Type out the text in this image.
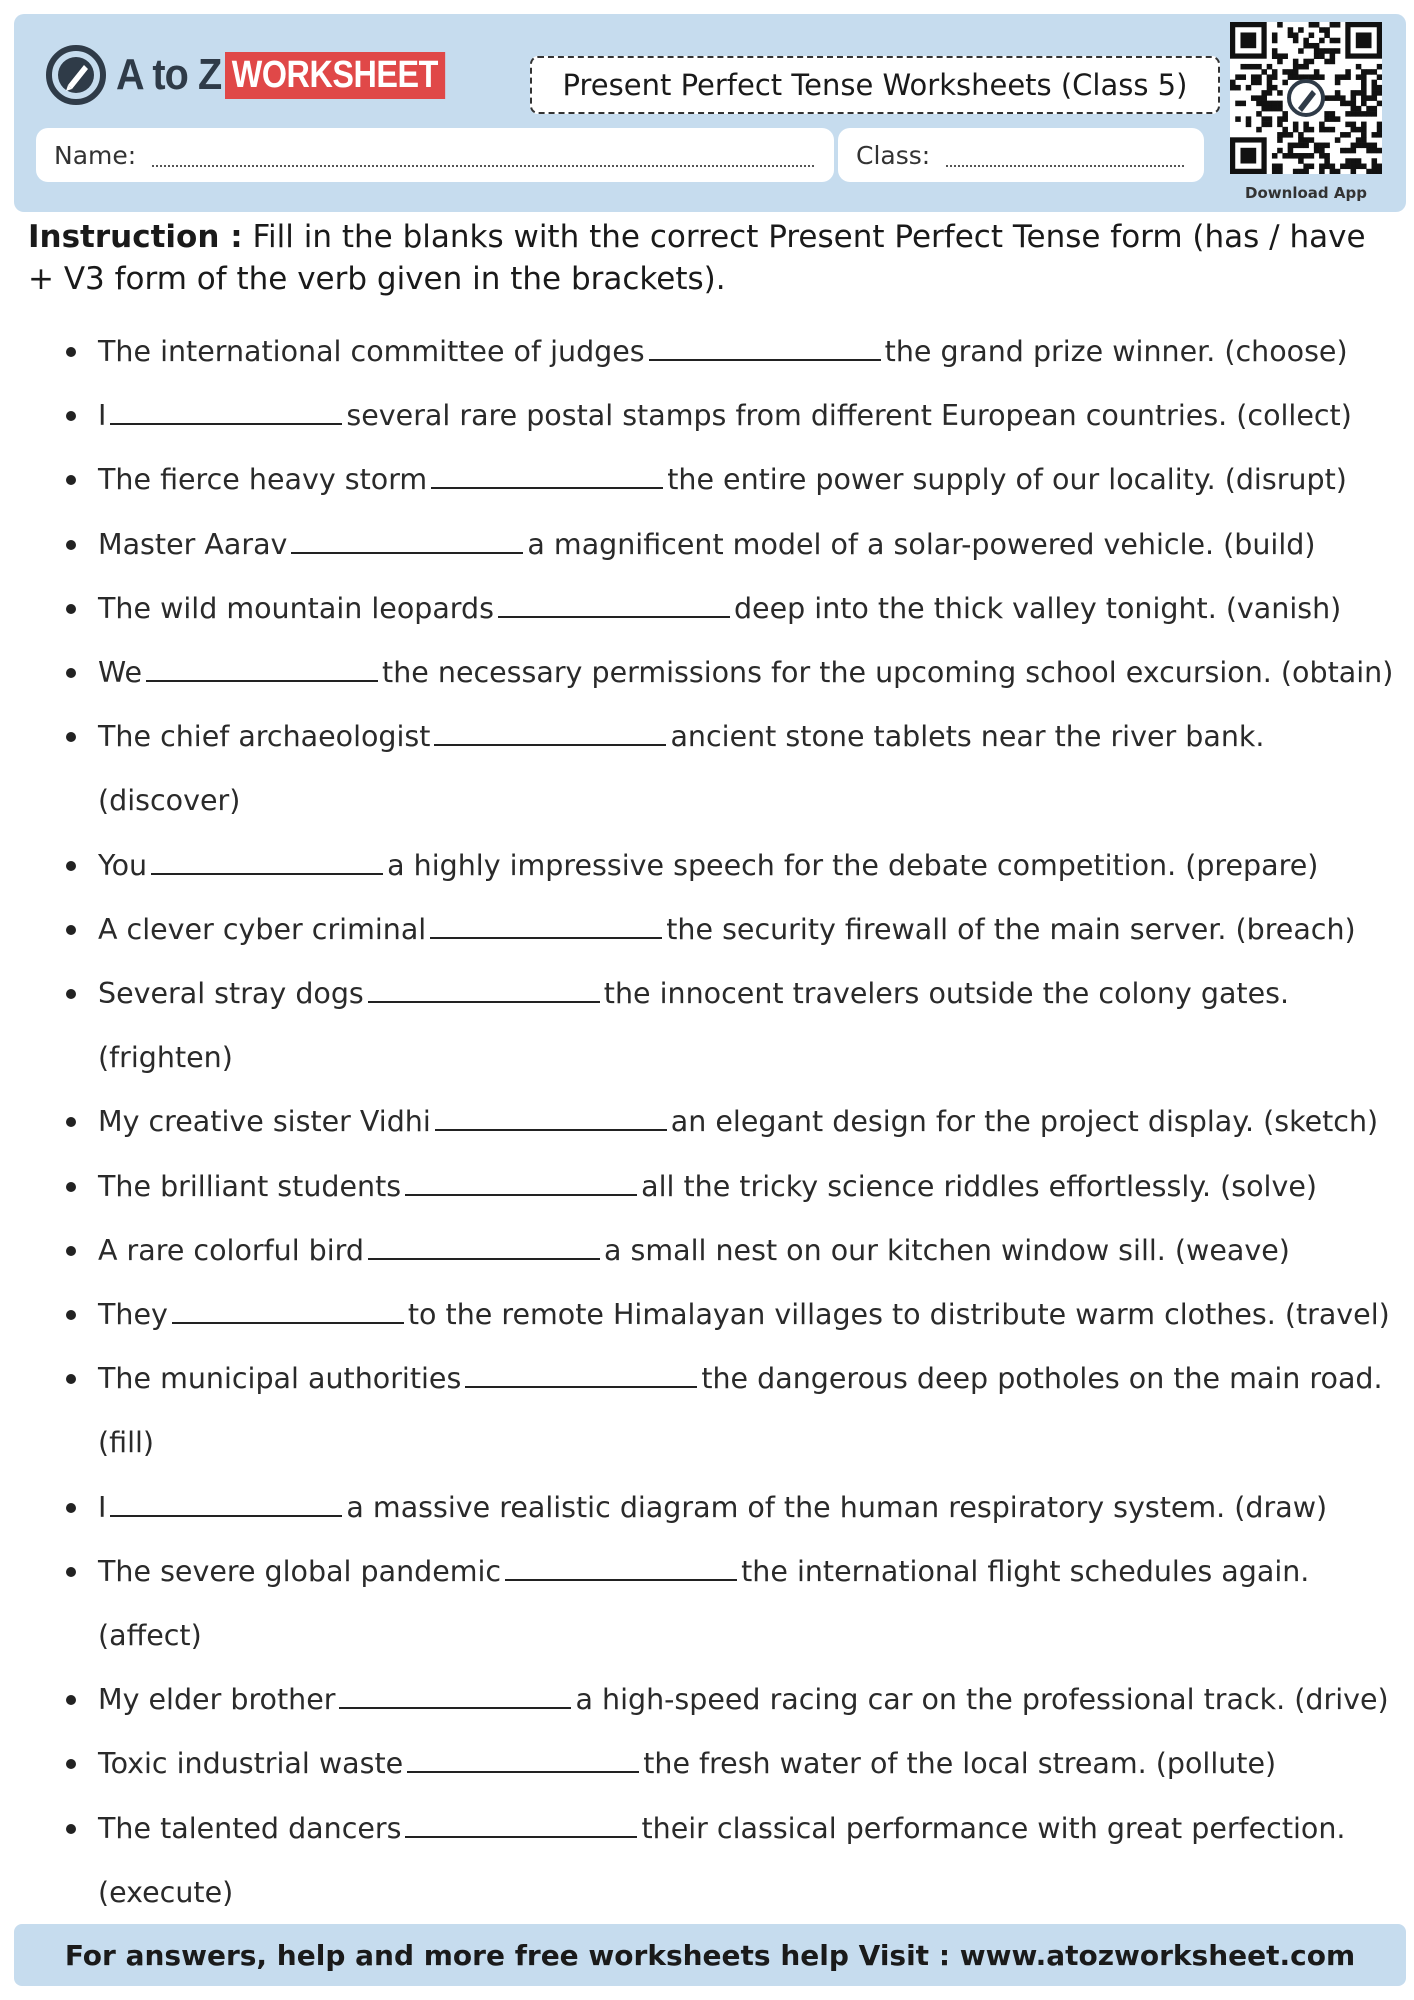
A to Z WORKSHEET	Present Perfect Tense Worksheets (Class 5)
Name:	Class:
Download App
Instruction : Fill in the blanks with the correct Present Perfect Tense form (has / have + V3 form of the verb given in the brackets).
The international committee of judges	the grand prize winner. (choose)
I	several rare postal stamps from different European countries. (collect)
The fierce heavy storm	the entire power supply of our locality. (disrupt)
Master Aarav	a magnificent model of a solar-powered vehicle. (build)
The wild mountain leopards	deep into the thick valley tonight. (vanish)
We	the necessary permissions for the upcoming school excursion. (obtain)
The chief archaeologist	ancient stone tablets near the river bank.
(discover)
You	a highly impressive speech for the debate competition. (prepare)
A clever cyber criminal	the security firewall of the main server. (breach)
Several stray dogs	the innocent travelers outside the colony gates.
(frighten)
My creative sister Vidhi	an elegant design for the project display. (sketch)
The brilliant students	all the tricky science riddles effortlessly. (solve)
A rare colorful bird	a small nest on our kitchen window sill. (weave)
They	to the remote Himalayan villages to distribute warm clothes. (travel)
The municipal authorities	the dangerous deep potholes on the main road.
(fill)
I	a massive realistic diagram of the human respiratory system. (draw)
The severe global pandemic	the international flight schedules again.
(affect)
My elder brother	a high-speed racing car on the professional track. (drive)
Toxic industrial waste	the fresh water of the local stream. (pollute)
The talented dancers	their classical performance with great perfection.
(execute)
For answers, help and more free worksheets help Visit : www.atozworksheet.com
